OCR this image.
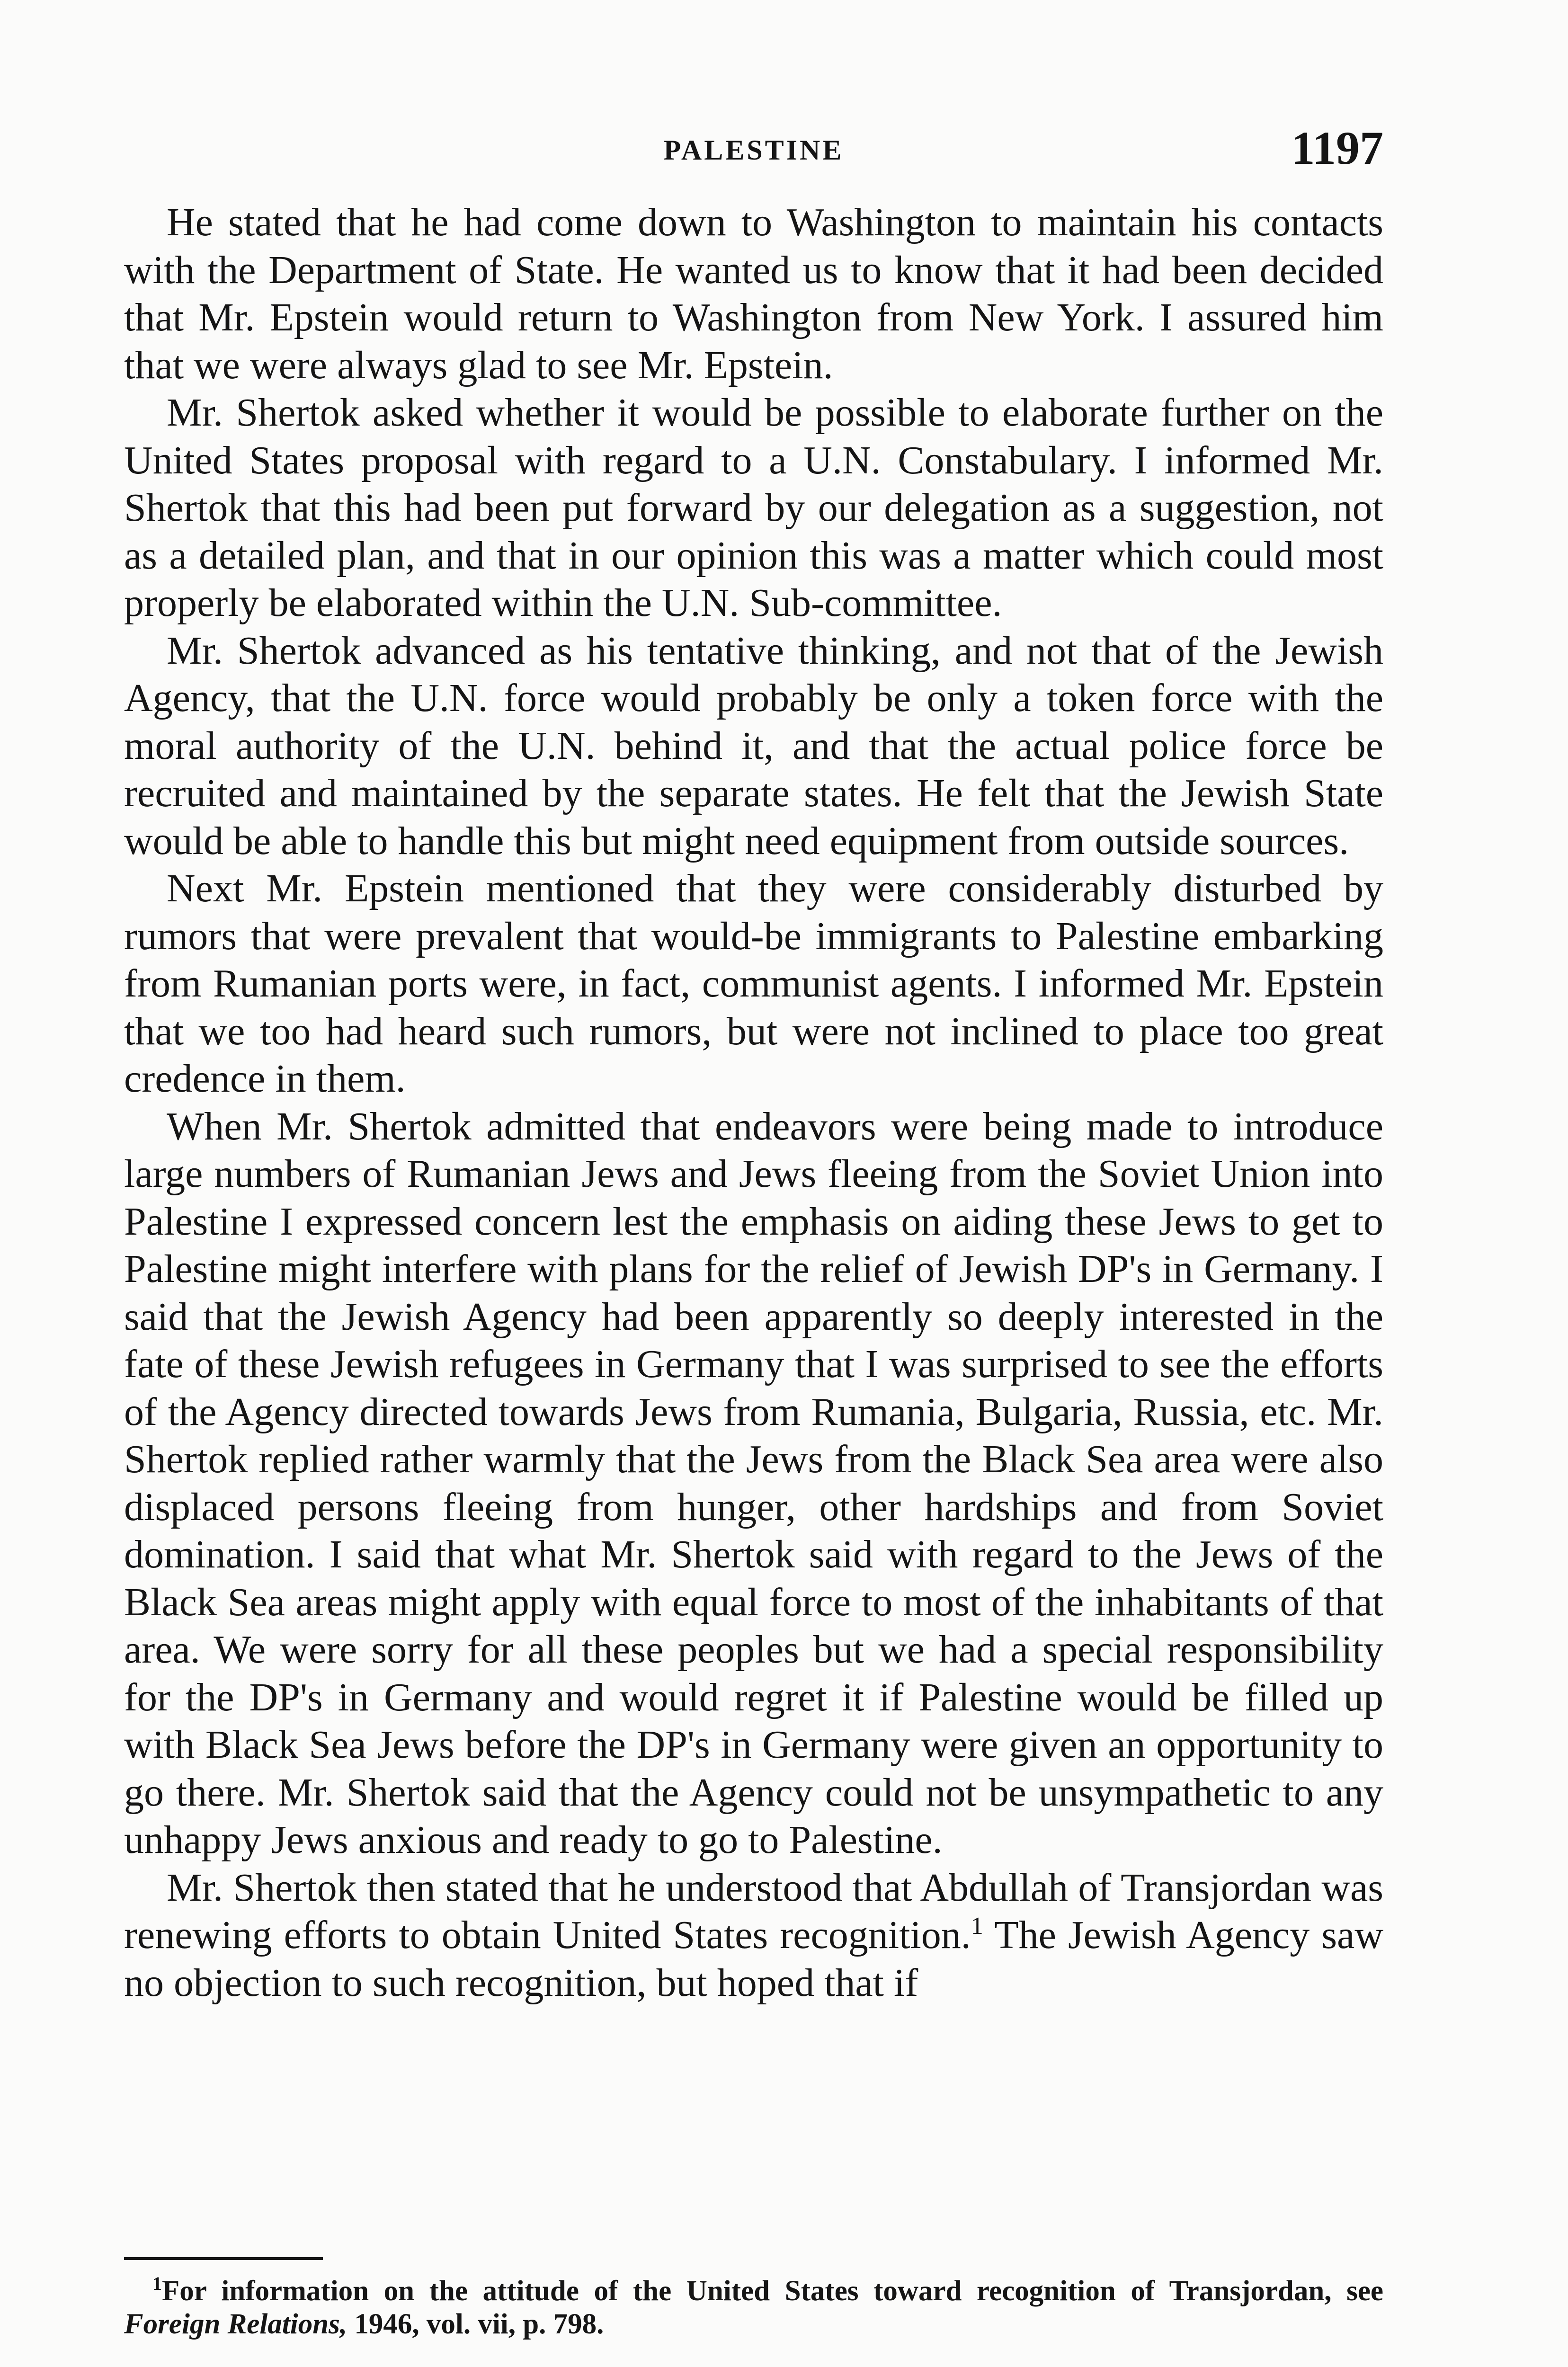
PALESTINE	1197

He stated that he had come down to Washington to maintain his contacts with the Department of State. He wanted us to know that it had been decided that Mr. Epstein would return to Washington from New York. I assured him that we were always glad to see Mr. Epstein.

Mr. Shertok asked whether it would be possible to elaborate further on the United States proposal with regard to a U.N. Constabulary. I informed Mr. Shertok that this had been put forward by our delegation as a suggestion, not as a detailed plan, and that in our opinion this was a matter which could most properly be elaborated within the U.N. Sub-committee.

Mr. Shertok advanced as his tentative thinking, and not that of the Jewish Agency, that the U.N. force would probably be only a token force with the moral authority of the U.N. behind it, and that the actual police force be recruited and maintained by the separate states. He felt that the Jewish State would be able to handle this but might need equipment from outside sources.

Next Mr. Epstein mentioned that they were considerably disturbed by rumors that were prevalent that would-be immigrants to Palestine embarking from Rumanian ports were, in fact, communist agents. I informed Mr. Epstein that we too had heard such rumors, but were not inclined to place too great credence in them.

When Mr. Shertok admitted that endeavors were being made to introduce large numbers of Rumanian Jews and Jews fleeing from the Soviet Union into Palestine I expressed concern lest the emphasis on aiding these Jews to get to Palestine might interfere with plans for the relief of Jewish DP's in Germany. I said that the Jewish Agency had been apparently so deeply interested in the fate of these Jewish refugees in Germany that I was surprised to see the efforts of the Agency directed towards Jews from Rumania, Bulgaria, Russia, etc. Mr. Shertok replied rather warmly that the Jews from the Black Sea area were also displaced persons fleeing from hunger, other hardships and from Soviet domination. I said that what Mr. Shertok said with regard to the Jews of the Black Sea areas might apply with equal force to most of the inhabitants of that area. We were sorry for all these peoples but we had a special responsibility for the DP's in Germany and would regret it if Palestine would be filled up with Black Sea Jews before the DP's in Germany were given an opportunity to go there. Mr. Shertok said that the Agency could not be unsympathetic to any unhappy Jews anxious and ready to go to Palestine.

Mr. Shertok then stated that he understood that Abdullah of Transjordan was renewing efforts to obtain United States recognition.$^1$ The Jewish Agency saw no objection to such recognition, but hoped that if

$^1$For information on the attitude of the United States toward recognition of Transjordan, see Foreign Relations, 1946, vol. vii, p. 798.
